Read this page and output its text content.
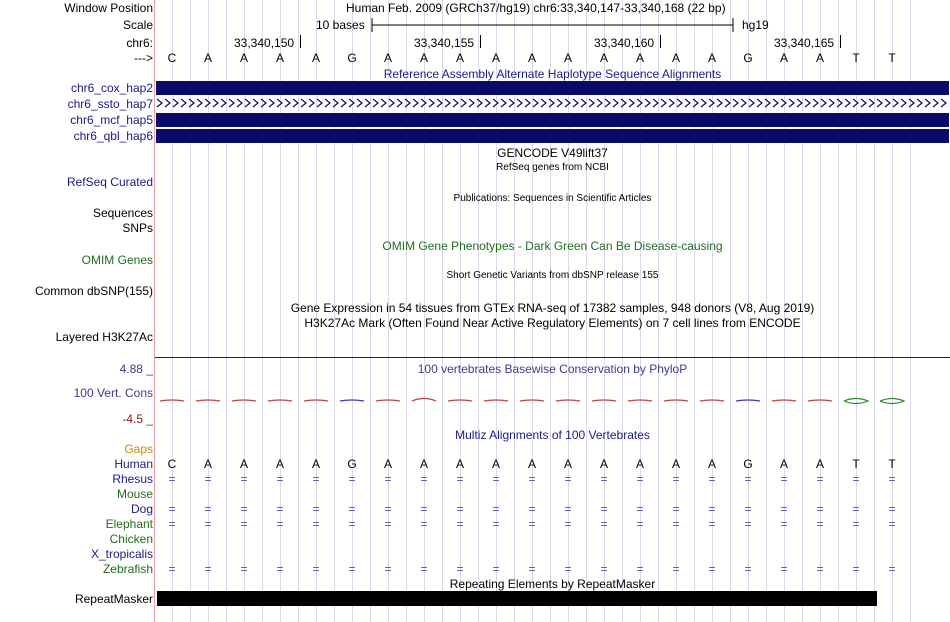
Window Position	Human Feb. 2009 (GRCh37/hg19) chr6:33,340,147-33,340,168 (22 bp)
Scale	10 bases	hg19
chr6:	33,340,150	33,340,155	33,340,160	33,340,165
---> C A A A A G A A A A A A A A A A G A A T T
Reference Assembly Alternate Haplotype Sequence Alignments
chr6_cox_hap2
chr6_ssto_hap7
chr6_mcf_hap5
chr6_qbl_hap6
GENCODE V49lift37
RefSeq genes from NCBI
RefSeq Curated
Publications: Sequences in Scientific Articles
Sequences
SNPs
OMIM Gene Phenotypes - Dark Green Can Be Disease-causing
OMIM Genes
Short Genetic Variants from dbSNP release 155
Common dbSNP(155)
Gene Expression in 54 tissues from GTEx RNA-seq of 17382 samples, 948 donors (V8, Aug 2019)
H3K27Ac Mark (Often Found Near Active Regulatory Elements) on 7 cell lines from ENCODE
Layered H3K27Ac
100 vertebrates Basewise Conservation by PhyloP
4.88 _
100 Vert. Cons
-4.5 _
Multiz Alignments of 100 Vertebrates
Gaps
Human C A A A A G A A A A A A A A A A G A A T T
Rhesus = = = = = = = = = = = = = = = = = = = = =
Mouse
Dog = = = = = = = = = = = = = = = = = = = = =
Elephant = = = = = = = = = = = = = = = = = = = = =
Chicken
X_tropicalis
Zebrafish = = = = = = = = = = = = = = = = = = = = =
Repeating Elements by RepeatMasker
RepeatMasker
